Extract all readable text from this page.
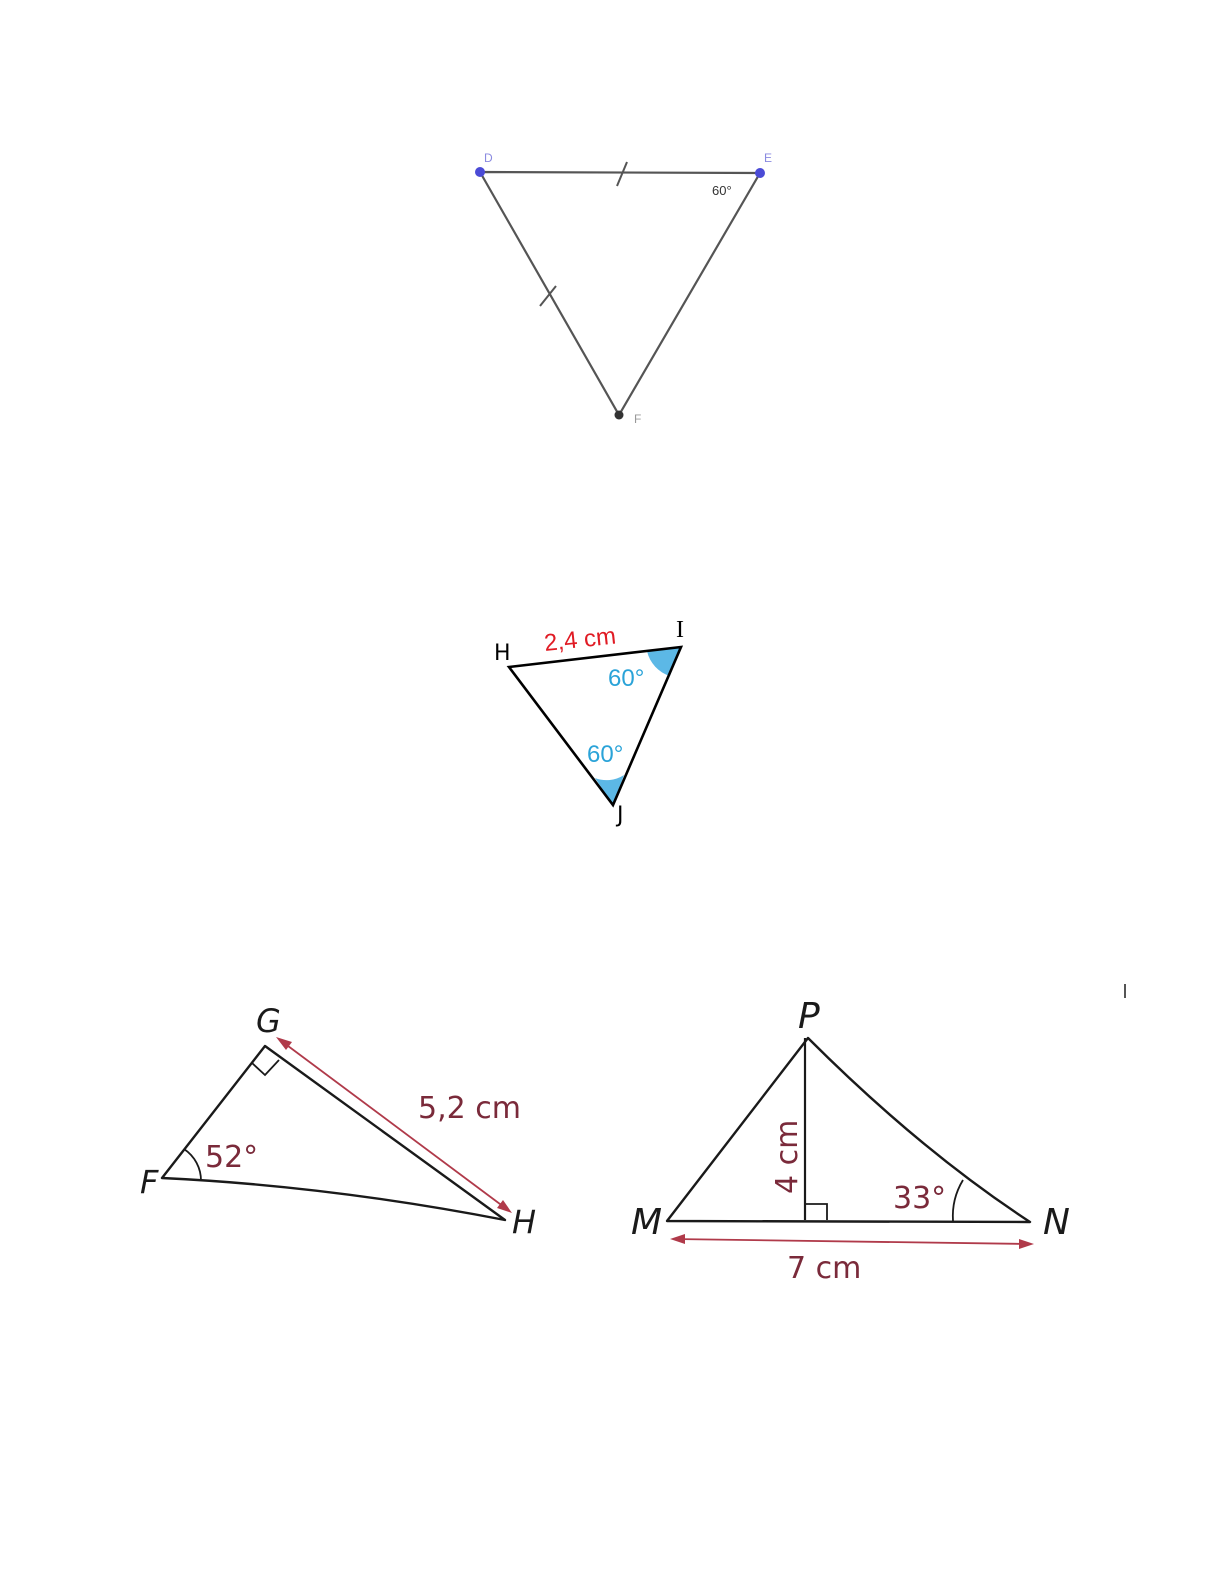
D	E
F
60°
H
I
J
2,4 cm
60°
60°
G
F
H
5,2 cm
52°
P
M	N
4 cm
33°
7 cm
